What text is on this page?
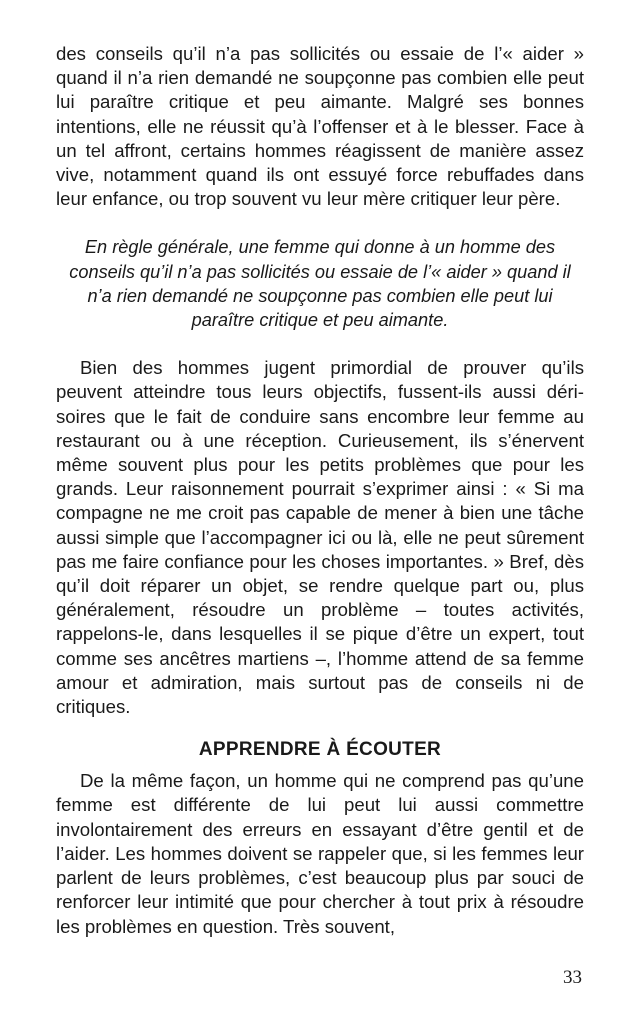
des conseils qu’il n’a pas sollicités ou essaie de l’« aider » quand il n’a rien demandé ne soupçonne pas combien elle peut lui paraître critique et peu aimante. Malgré ses bonnes intentions, elle ne réussit qu’à l’offenser et à le blesser. Face à un tel affront, certains hommes réagissent de manière assez vive, notamment quand ils ont essuyé force rebuffades dans leur enfance, ou trop souvent vu leur mère critiquer leur père.

En règle générale, une femme qui donne à un homme des conseils qu’il n’a pas sollicités ou essaie de l’« aider » quand il n’a rien demandé ne soupçonne pas combien elle peut lui paraître critique et peu aimante.

Bien des hommes jugent primordial de prouver qu’ils peuvent atteindre tous leurs objectifs, fussent-ils aussi dérisoires que le fait de conduire sans encombre leur femme au restaurant ou à une réception. Curieusement, ils s’énervent même souvent plus pour les petits problèmes que pour les grands. Leur raisonnement pourrait s’exprimer ainsi : « Si ma compagne ne me croit pas capable de mener à bien une tâche aussi simple que l’accompagner ici ou là, elle ne peut sûrement pas me faire confiance pour les choses importantes. » Bref, dès qu’il doit réparer un objet, se rendre quelque part ou, plus généralement, résoudre un problème – toutes activités, rappelons-le, dans lesquelles il se pique d’être un expert, tout comme ses ancêtres martiens –, l’homme attend de sa femme amour et admiration, mais surtout pas de conseils ni de critiques.

APPRENDRE À ÉCOUTER

De la même façon, un homme qui ne comprend pas qu’une femme est différente de lui peut lui aussi commettre involontairement des erreurs en essayant d’être gentil et de l’aider. Les hommes doivent se rappeler que, si les femmes leur parlent de leurs problèmes, c’est beaucoup plus par souci de renforcer leur intimité que pour chercher à tout prix à résoudre les problèmes en question. Très souvent,

33
